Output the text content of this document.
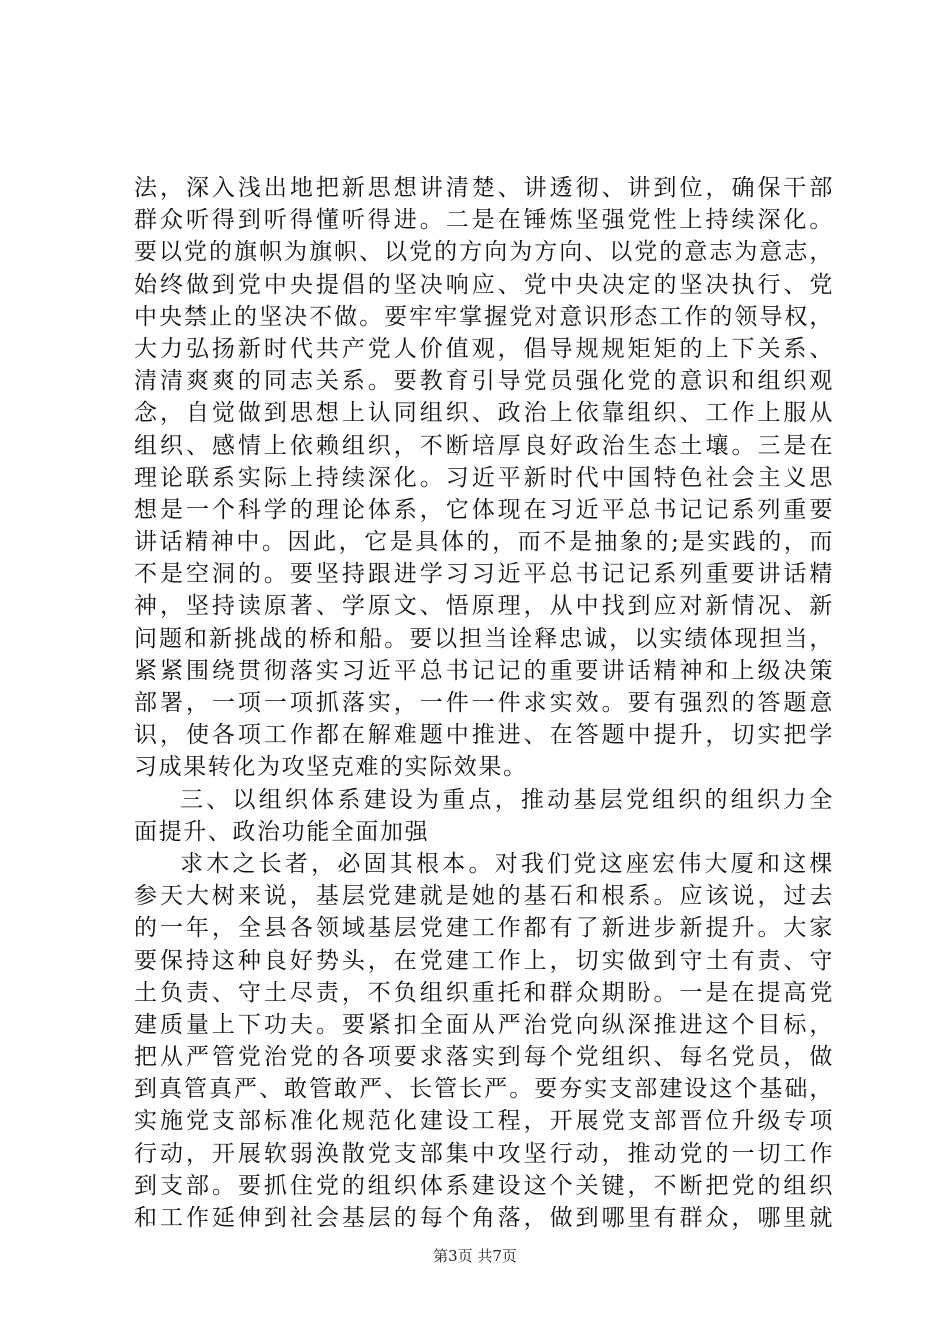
法，深入浅出地把新思想讲清楚、讲透彻、讲到位，确保干部
群众听得到听得懂听得进。二是在锤炼坚强党性上持续深化。
要以党的旗帜为旗帜、以党的方向为方向、以党的意志为意志，
始终做到党中央提倡的坚决响应、党中央决定的坚决执行、党
中央禁止的坚决不做。要牢牢掌握党对意识形态工作的领导权，
大力弘扬新时代共产党人价值观，倡导规规矩矩的上下关系、
清清爽爽的同志关系。要教育引导党员强化党的意识和组织观
念，自觉做到思想上认同组织、政治上依靠组织、工作上服从
组织、感情上依赖组织，不断培厚良好政治生态土壤。三是在
理论联系实际上持续深化。习近平新时代中国特色社会主义思
想是一个科学的理论体系，它体现在习近平总书记记系列重要
讲话精神中。因此，它是具体的，而不是抽象的;是实践的，而
不是空洞的。要坚持跟进学习习近平总书记记系列重要讲话精
神，坚持读原著、学原文、悟原理，从中找到应对新情况、新
问题和新挑战的桥和船。要以担当诠释忠诚，以实绩体现担当，
紧紧围绕贯彻落实习近平总书记记的重要讲话精神和上级决策
部署，一项一项抓落实，一件一件求实效。要有强烈的答题意
识，使各项工作都在解难题中推进、在答题中提升，切实把学
习成果转化为攻坚克难的实际效果。
三、以组织体系建设为重点，推动基层党组织的组织力全
面提升、政治功能全面加强
求木之长者，必固其根本。对我们党这座宏伟大厦和这棵
参天大树来说，基层党建就是她的基石和根系。应该说，过去
的一年，全县各领域基层党建工作都有了新进步新提升。大家
要保持这种良好势头，在党建工作上，切实做到守土有责、守
土负责、守土尽责，不负组织重托和群众期盼。一是在提高党
建质量上下功夫。要紧扣全面从严治党向纵深推进这个目标，
把从严管党治党的各项要求落实到每个党组织、每名党员，做
到真管真严、敢管敢严、长管长严。要夯实支部建设这个基础，
实施党支部标准化规范化建设工程，开展党支部晋位升级专项
行动，开展软弱涣散党支部集中攻坚行动，推动党的一切工作
到支部。要抓住党的组织体系建设这个关键，不断把党的组织
和工作延伸到社会基层的每个角落，做到哪里有群众，哪里就
第3页 共7页
